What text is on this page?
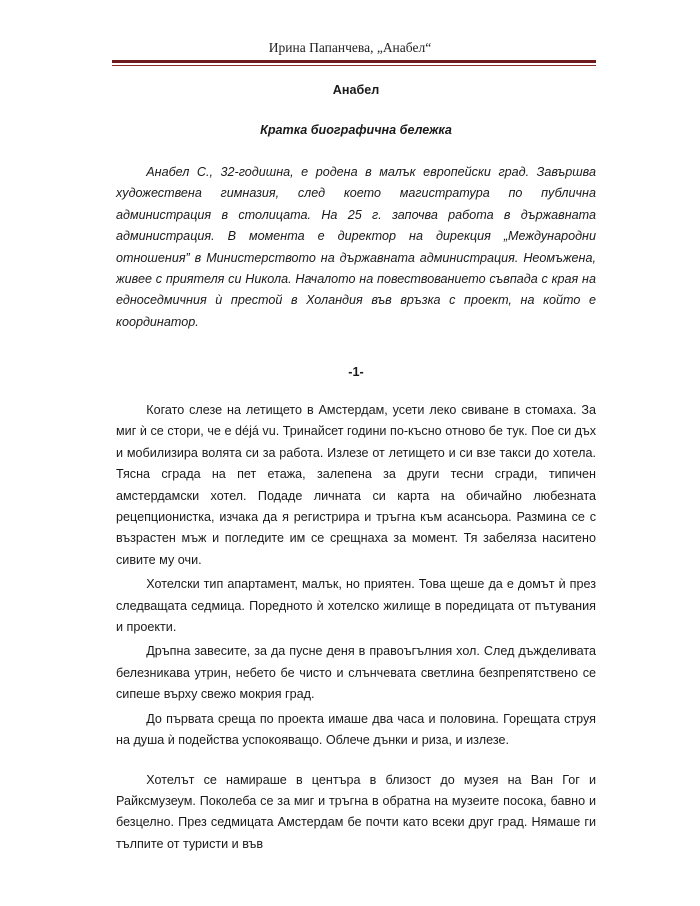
Ирина Папанчева, „Анабел“

Анабел

Кратка биографична бележка

Анабел С., 32-годишна, е родена в малък европейски град. Завършва художествена гимназия, след което магистратура по публична администрация в столицата. На 25 г. започва работа в държавната администрация. В момента е директор на дирекция „Международни отношения” в Министерството на държавната администрация. Неомъжена, живее с приятеля си Никола. Началото на повествованието съвпада с края на едноседмичния ѝ престой в Холандия във връзка с проект, на който е координатор.

-1-

Когато слезе на летището в Амстердам, усети леко свиване в стомаха. За миг ѝ се стори, че е déjá vu. Тринайсет години по-късно отново бе тук. Пое си дъх и мобилизира волята си за работа. Излезе от летището и си взе такси до хотела. Тясна сграда на пет етажа, залепена за други тесни сгради, типичен амстердамски хотел. Подаде личната си карта на обичайно любезната рецепционистка, изчака да я регистрира и тръгна към асансьора. Размина се с възрастен мъж и погледите им се срещнаха за момент. Тя забеляза наситено сивите му очи.

Хотелски тип апартамент, малък, но приятен. Това щеше да е домът ѝ през следващата седмица. Поредното ѝ хотелско жилище в поредицата от пътувания и проекти.

Дръпна завесите, за да пусне деня в правоъгълния хол. След дъжделивата белезникава утрин, небето бе чисто и слънчевата светлина безпрепятствено се сипеше върху свежо мокрия град.

До първата среща по проекта имаше два часа и половина. Горещата струя на душа ѝ подейства успокояващо. Облече дънки и риза, и излезе.

Хотелът се намираше в центъра в близост до музея на Ван Гог и Райксмузеум. Поколеба се за миг и тръгна в обратна на музеите посока, бавно и безцелно. През седмицата Амстердам бе почти като всеки друг град. Нямаше ги тълпите от туристи и във
